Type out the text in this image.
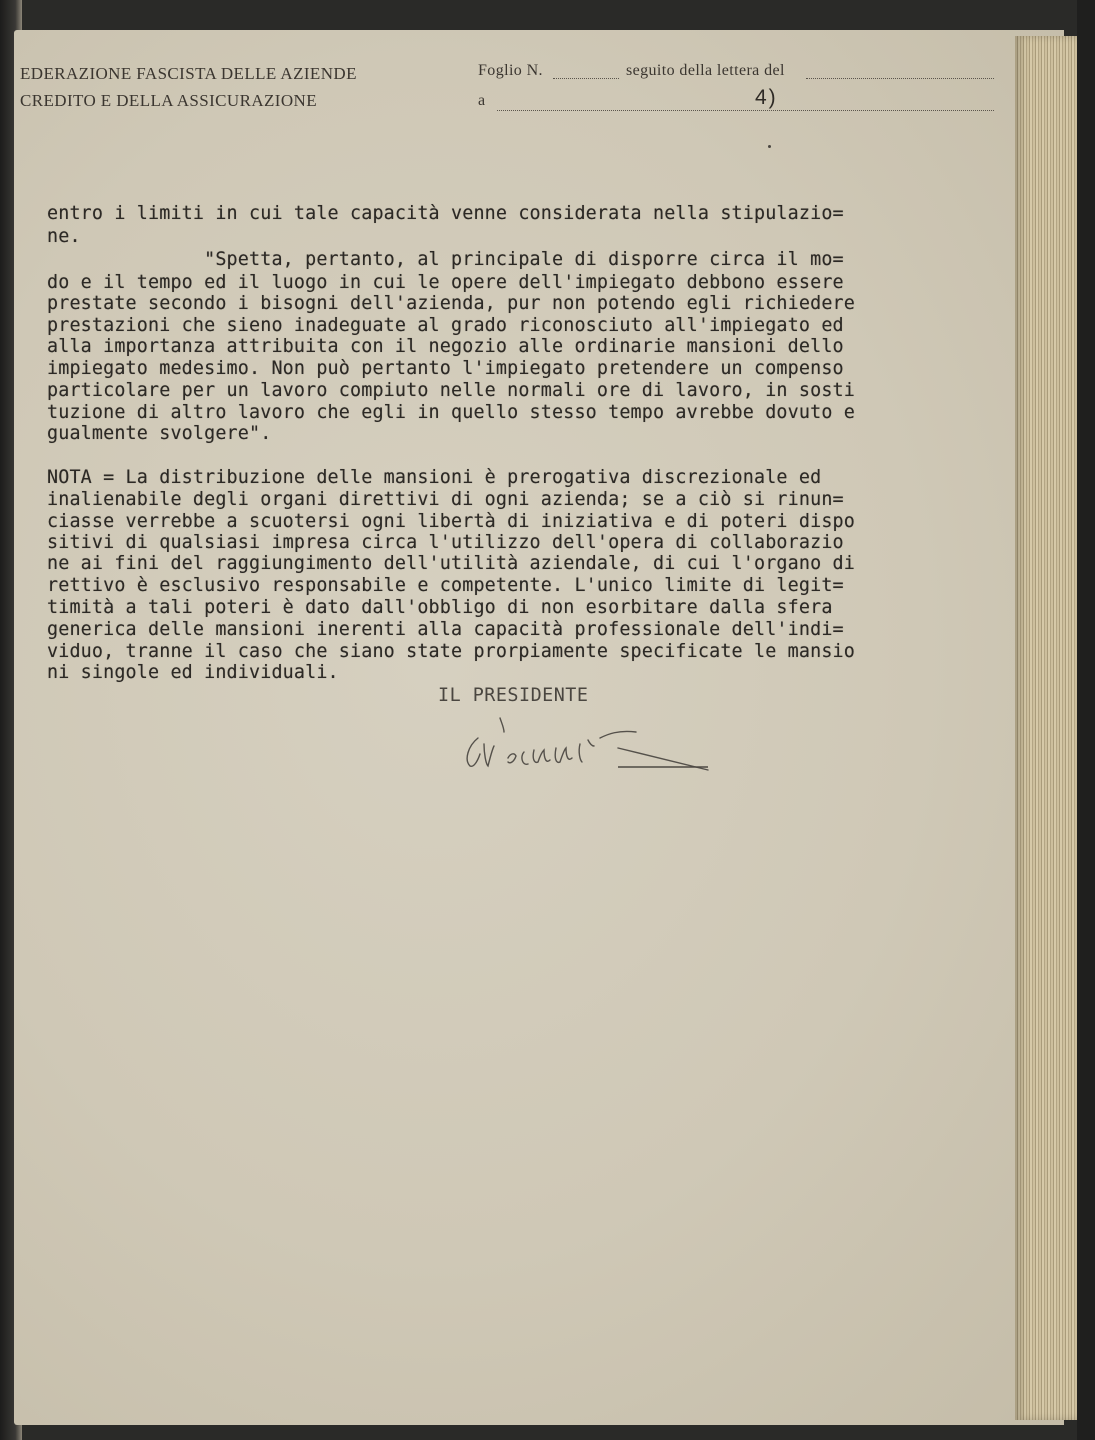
EDERAZIONE FASCISTA DELLE AZIENDE
CREDITO E DELLA ASSICURAZIONE
Foglio N.	seguito della lettera del
a	4)
entro i limiti in cui tale capacità venne considerata nella stipulazio=
ne.
"Spetta, pertanto, al principale di disporre circa il mo=
do e il tempo ed il luogo in cui le opere dell'impiegato debbono essere
prestate secondo i bisogni dell'azienda, pur non potendo egli richiedere
prestazioni che sieno inadeguate al grado riconosciuto all'impiegato ed
alla importanza attribuita con il negozio alle ordinarie mansioni dello
impiegato medesimo. Non può pertanto l'impiegato pretendere un compenso
particolare per un lavoro compiuto nelle normali ore di lavoro, in sosti
tuzione di altro lavoro che egli in quello stesso tempo avrebbe dovuto e
gualmente svolgere".
NOTA = La distribuzione delle mansioni è prerogativa discrezionale ed
inalienabile degli organi direttivi di ogni azienda; se a ciò si rinun=
ciasse verrebbe a scuotersi ogni libertà di iniziativa e di poteri dispo
sitivi di qualsiasi impresa circa l'utilizzo dell'opera di collaborazio
ne ai fini del raggiungimento dell'utilità aziendale, di cui l'organo di
rettivo è esclusivo responsabile e competente. L'unico limite di legit=
timità a tali poteri è dato dall'obbligo di non esorbitare dalla sfera
generica delle mansioni inerenti alla capacità professionale dell'indi=
viduo, tranne il caso che siano state prorpiamente specificate le mansio
ni singole ed individuali.
IL PRESIDENTE
